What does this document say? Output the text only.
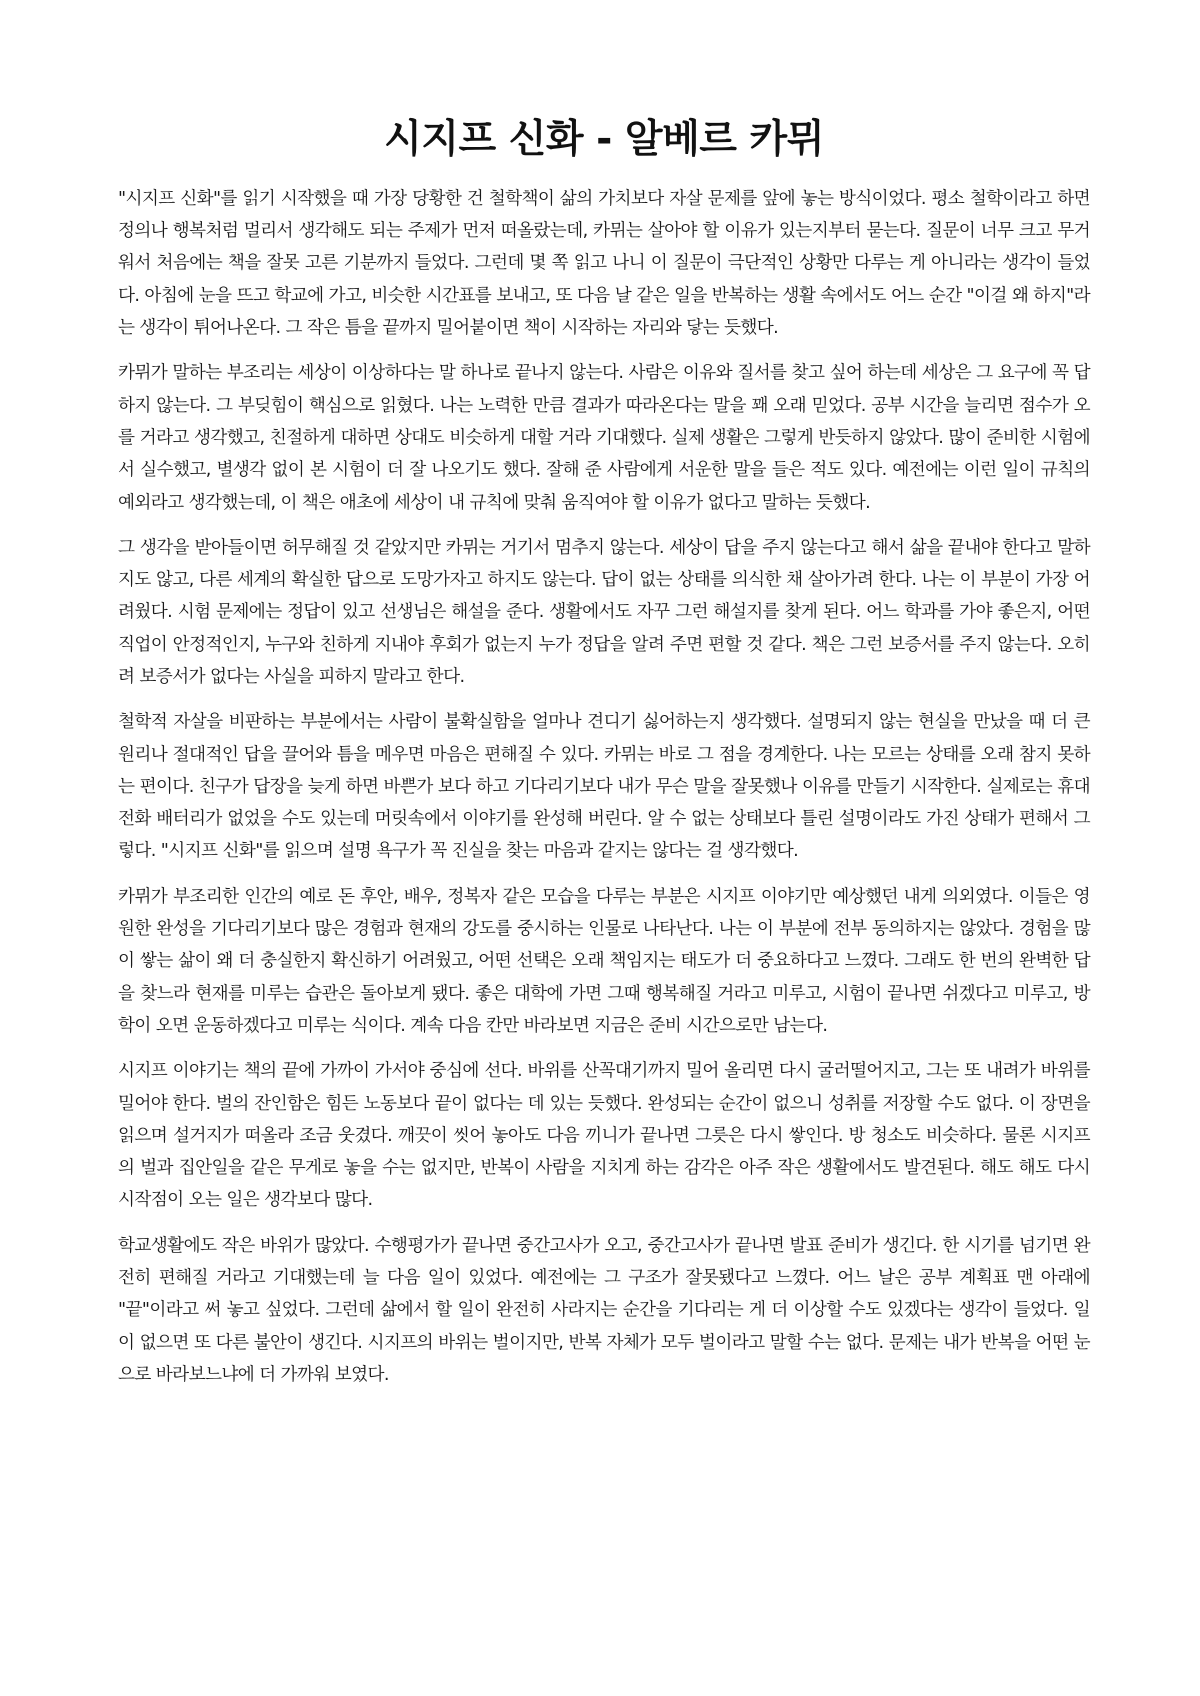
시지프 신화 - 알베르 카뮈

"시지프 신화"를 읽기 시작했을 때 가장 당황한 건 철학책이 삶의 가치보다 자살 문제를 앞에 놓는 방식이었다. 평소 철학이라고 하면 정의나 행복처럼 멀리서 생각해도 되는 주제가 먼저 떠올랐는데, 카뮈는 살아야 할 이유가 있는지부터 묻는다. 질문이 너무 크고 무거워서 처음에는 책을 잘못 고른 기분까지 들었다. 그런데 몇 쪽 읽고 나니 이 질문이 극단적인 상황만 다루는 게 아니라는 생각이 들었다. 아침에 눈을 뜨고 학교에 가고, 비슷한 시간표를 보내고, 또 다음 날 같은 일을 반복하는 생활 속에서도 어느 순간 "이걸 왜 하지"라는 생각이 튀어나온다. 그 작은 틈을 끝까지 밀어붙이면 책이 시작하는 자리와 닿는 듯했다.

카뮈가 말하는 부조리는 세상이 이상하다는 말 하나로 끝나지 않는다. 사람은 이유와 질서를 찾고 싶어 하는데 세상은 그 요구에 꼭 답하지 않는다. 그 부딪힘이 핵심으로 읽혔다. 나는 노력한 만큼 결과가 따라온다는 말을 꽤 오래 믿었다. 공부 시간을 늘리면 점수가 오를 거라고 생각했고, 친절하게 대하면 상대도 비슷하게 대할 거라 기대했다. 실제 생활은 그렇게 반듯하지 않았다. 많이 준비한 시험에서 실수했고, 별생각 없이 본 시험이 더 잘 나오기도 했다. 잘해 준 사람에게 서운한 말을 들은 적도 있다. 예전에는 이런 일이 규칙의 예외라고 생각했는데, 이 책은 애초에 세상이 내 규칙에 맞춰 움직여야 할 이유가 없다고 말하는 듯했다.

그 생각을 받아들이면 허무해질 것 같았지만 카뮈는 거기서 멈추지 않는다. 세상이 답을 주지 않는다고 해서 삶을 끝내야 한다고 말하지도 않고, 다른 세계의 확실한 답으로 도망가자고 하지도 않는다. 답이 없는 상태를 의식한 채 살아가려 한다. 나는 이 부분이 가장 어려웠다. 시험 문제에는 정답이 있고 선생님은 해설을 준다. 생활에서도 자꾸 그런 해설지를 찾게 된다. 어느 학과를 가야 좋은지, 어떤 직업이 안정적인지, 누구와 친하게 지내야 후회가 없는지 누가 정답을 알려 주면 편할 것 같다. 책은 그런 보증서를 주지 않는다. 오히려 보증서가 없다는 사실을 피하지 말라고 한다.

철학적 자살을 비판하는 부분에서는 사람이 불확실함을 얼마나 견디기 싫어하는지 생각했다. 설명되지 않는 현실을 만났을 때 더 큰 원리나 절대적인 답을 끌어와 틈을 메우면 마음은 편해질 수 있다. 카뮈는 바로 그 점을 경계한다. 나는 모르는 상태를 오래 참지 못하는 편이다. 친구가 답장을 늦게 하면 바쁜가 보다 하고 기다리기보다 내가 무슨 말을 잘못했나 이유를 만들기 시작한다. 실제로는 휴대전화 배터리가 없었을 수도 있는데 머릿속에서 이야기를 완성해 버린다. 알 수 없는 상태보다 틀린 설명이라도 가진 상태가 편해서 그렇다. "시지프 신화"를 읽으며 설명 욕구가 꼭 진실을 찾는 마음과 같지는 않다는 걸 생각했다.

카뮈가 부조리한 인간의 예로 돈 후안, 배우, 정복자 같은 모습을 다루는 부분은 시지프 이야기만 예상했던 내게 의외였다. 이들은 영원한 완성을 기다리기보다 많은 경험과 현재의 강도를 중시하는 인물로 나타난다. 나는 이 부분에 전부 동의하지는 않았다. 경험을 많이 쌓는 삶이 왜 더 충실한지 확신하기 어려웠고, 어떤 선택은 오래 책임지는 태도가 더 중요하다고 느꼈다. 그래도 한 번의 완벽한 답을 찾느라 현재를 미루는 습관은 돌아보게 됐다. 좋은 대학에 가면 그때 행복해질 거라고 미루고, 시험이 끝나면 쉬겠다고 미루고, 방학이 오면 운동하겠다고 미루는 식이다. 계속 다음 칸만 바라보면 지금은 준비 시간으로만 남는다.

시지프 이야기는 책의 끝에 가까이 가서야 중심에 선다. 바위를 산꼭대기까지 밀어 올리면 다시 굴러떨어지고, 그는 또 내려가 바위를 밀어야 한다. 벌의 잔인함은 힘든 노동보다 끝이 없다는 데 있는 듯했다. 완성되는 순간이 없으니 성취를 저장할 수도 없다. 이 장면을 읽으며 설거지가 떠올라 조금 웃겼다. 깨끗이 씻어 놓아도 다음 끼니가 끝나면 그릇은 다시 쌓인다. 방 청소도 비슷하다. 물론 시지프의 벌과 집안일을 같은 무게로 놓을 수는 없지만, 반복이 사람을 지치게 하는 감각은 아주 작은 생활에서도 발견된다. 해도 해도 다시 시작점이 오는 일은 생각보다 많다.

학교생활에도 작은 바위가 많았다. 수행평가가 끝나면 중간고사가 오고, 중간고사가 끝나면 발표 준비가 생긴다. 한 시기를 넘기면 완전히 편해질 거라고 기대했는데 늘 다음 일이 있었다. 예전에는 그 구조가 잘못됐다고 느꼈다. 어느 날은 공부 계획표 맨 아래에 "끝"이라고 써 놓고 싶었다. 그런데 삶에서 할 일이 완전히 사라지는 순간을 기다리는 게 더 이상할 수도 있겠다는 생각이 들었다. 일이 없으면 또 다른 불안이 생긴다. 시지프의 바위는 벌이지만, 반복 자체가 모두 벌이라고 말할 수는 없다. 문제는 내가 반복을 어떤 눈으로 바라보느냐에 더 가까워 보였다.
